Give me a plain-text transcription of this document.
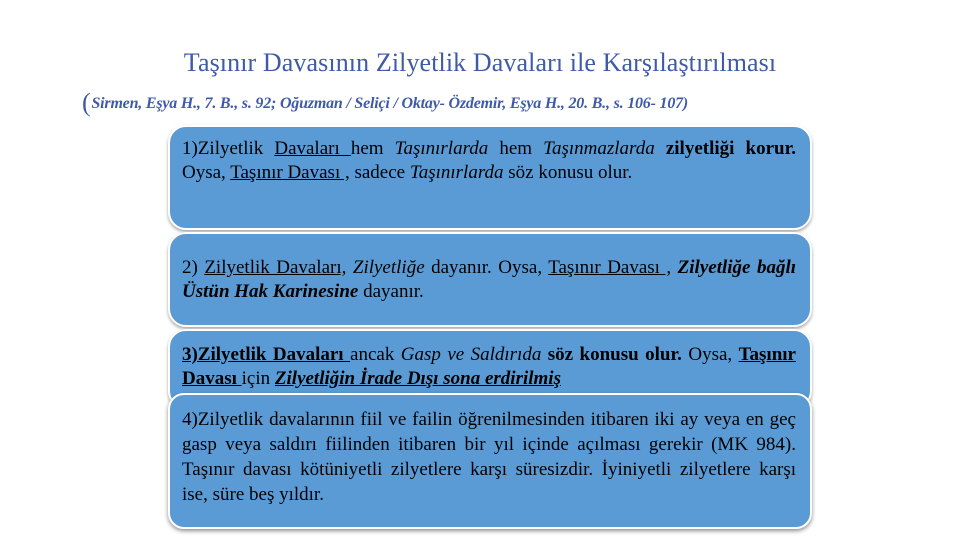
Taşınır Davasının Zilyetlik Davaları ile Karşılaştırılması
(Sirmen, Eşya H., 7. B., s. 92; Oğuzman / Seliçi / Oktay- Özdemir, Eşya H., 20. B., s. 106- 107)

1)Zilyetlik Davaları hem Taşınırlarda hem Taşınmazlarda zilyetliği korur. Oysa, Taşınır Davası , sadece Taşınırlarda söz konusu olur.

2) Zilyetlik Davaları, Zilyetliğe dayanır. Oysa, Taşınır Davası , Zilyetliğe bağlı Üstün Hak Karinesine dayanır.

3)Zilyetlik Davaları ancak Gasp ve Saldırıda söz konusu olur. Oysa, Taşınır Davası için Zilyetliğin İrade Dışı sona erdirilmiş

4)Zilyetlik davalarının fiil ve failin öğrenilmesinden itibaren iki ay veya en geç gasp veya saldırı fiilinden itibaren bir yıl içinde açılması gerekir (MK 984). Taşınır davası kötüniyetli zilyetlere karşı süresizdir. İyiniyetli zilyetlere karşı ise, süre beş yıldır.
